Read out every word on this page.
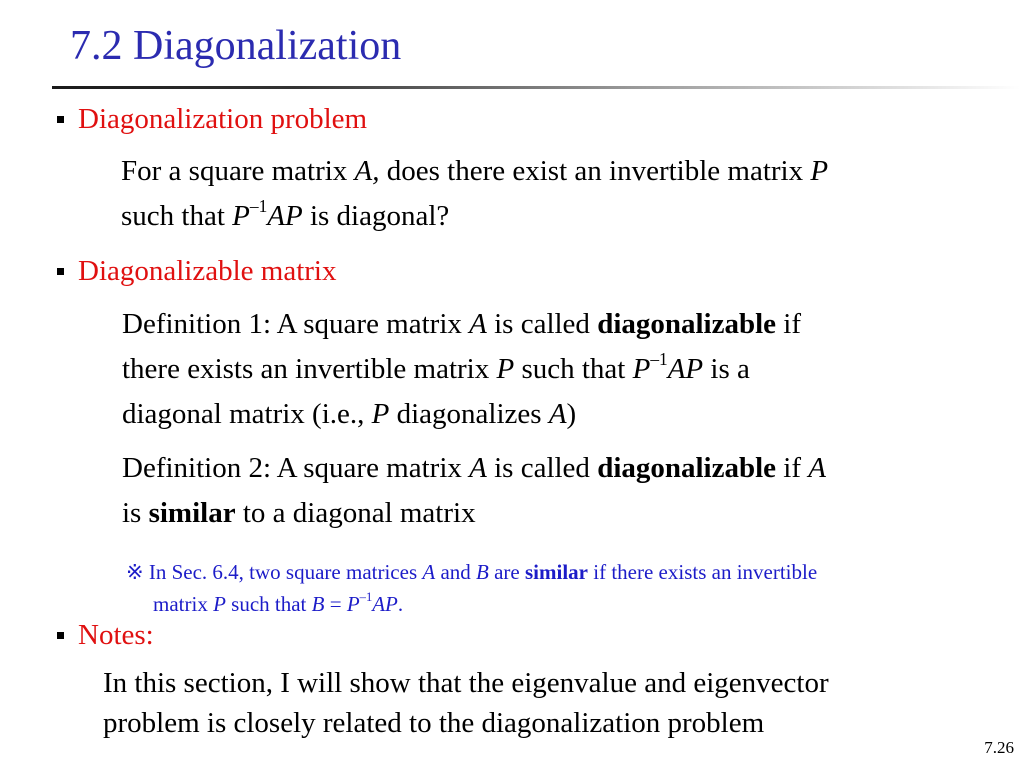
7.2 Diagonalization
Diagonalization problem
For a square matrix A, does there exist an invertible matrix P
such that $P^{-1}AP$ is diagonal?
Diagonalizable matrix
Definition 1: A square matrix A is called diagonalizable if
there exists an invertible matrix P such that $P^{-1}AP$ is a
diagonal matrix (i.e., P diagonalizes A)
Definition 2: A square matrix A is called diagonalizable if A
is similar to a diagonal matrix
※ In Sec. 6.4, two square matrices A and B are similar if there exists an invertible
matrix P such that $B = P^{-1}AP$.
Notes:
In this section, I will show that the eigenvalue and eigenvector
problem is closely related to the diagonalization problem
7.26
